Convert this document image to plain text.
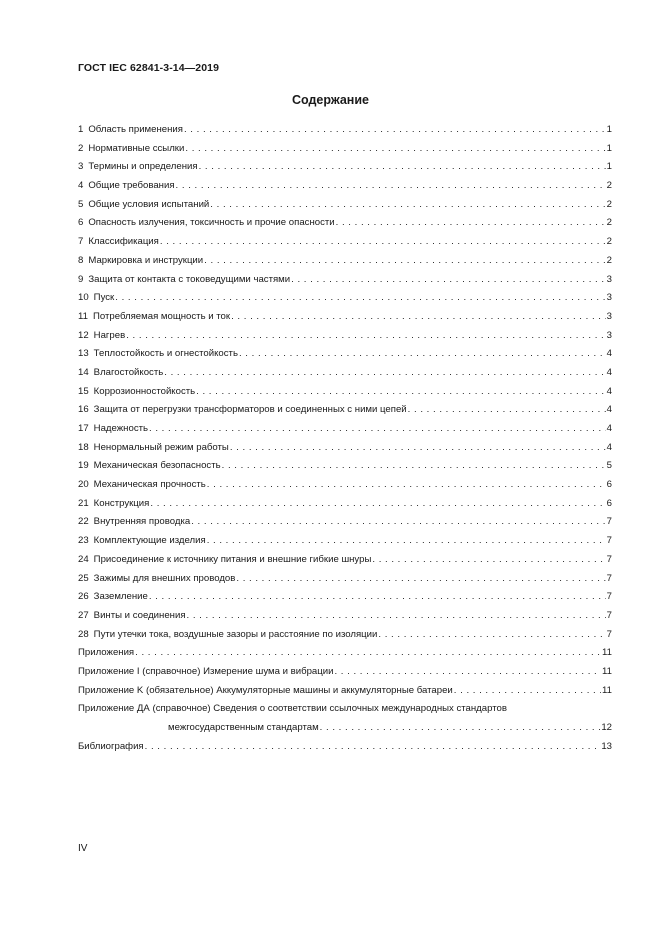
ГОСТ IEC 62841-3-14—2019
Содержание
1 Область применения . . .	1
2 Нормативные ссылки . . .	1
3 Термины и определения . . .	1
4 Общие требования . . .	2
5 Общие условия испытаний . . .	2
6 Опасность излучения, токсичность и прочие опасности . . .	2
7 Классификация . . .	2
8 Маркировка и инструкции . . .	2
9 Защита от контакта с токоведущими частями . . .	3
10 Пуск . . .	3
11 Потребляемая мощность и ток . . .	3
12 Нагрев . . .	3
13 Теплостойкость и огнестойкость . . .	4
14 Влагостойкость . . .	4
15 Коррозионностойкость . . .	4
16 Защита от перегрузки трансформаторов и соединенных с ними цепей . . .	4
17 Надежность . . .	4
18 Ненормальный режим работы . . .	4
19 Механическая безопасность . . .	5
20 Механическая прочность . . .	6
21 Конструкция . . .	6
22 Внутренняя проводка . . .	7
23 Комплектующие изделия . . .	7
24 Присоединение к источнику питания и внешние гибкие шнуры . . .	7
25 Зажимы для внешних проводов . . .	7
26 Заземление . . .	7
27 Винты и соединения . . .	7
28 Пути утечки тока, воздушные зазоры и расстояние по изоляции . . .	7
Приложения . . .	11
Приложение I (справочное) Измерение шума и вибрации . . .	11
Приложение K (обязательное) Аккумуляторные машины и аккумуляторные батареи . . .	11
Приложение ДА (справочное) Сведения о соответствии ссылочных международных стандартов
межгосударственным стандартам . . .	12
Библиография . . .	13
IV
